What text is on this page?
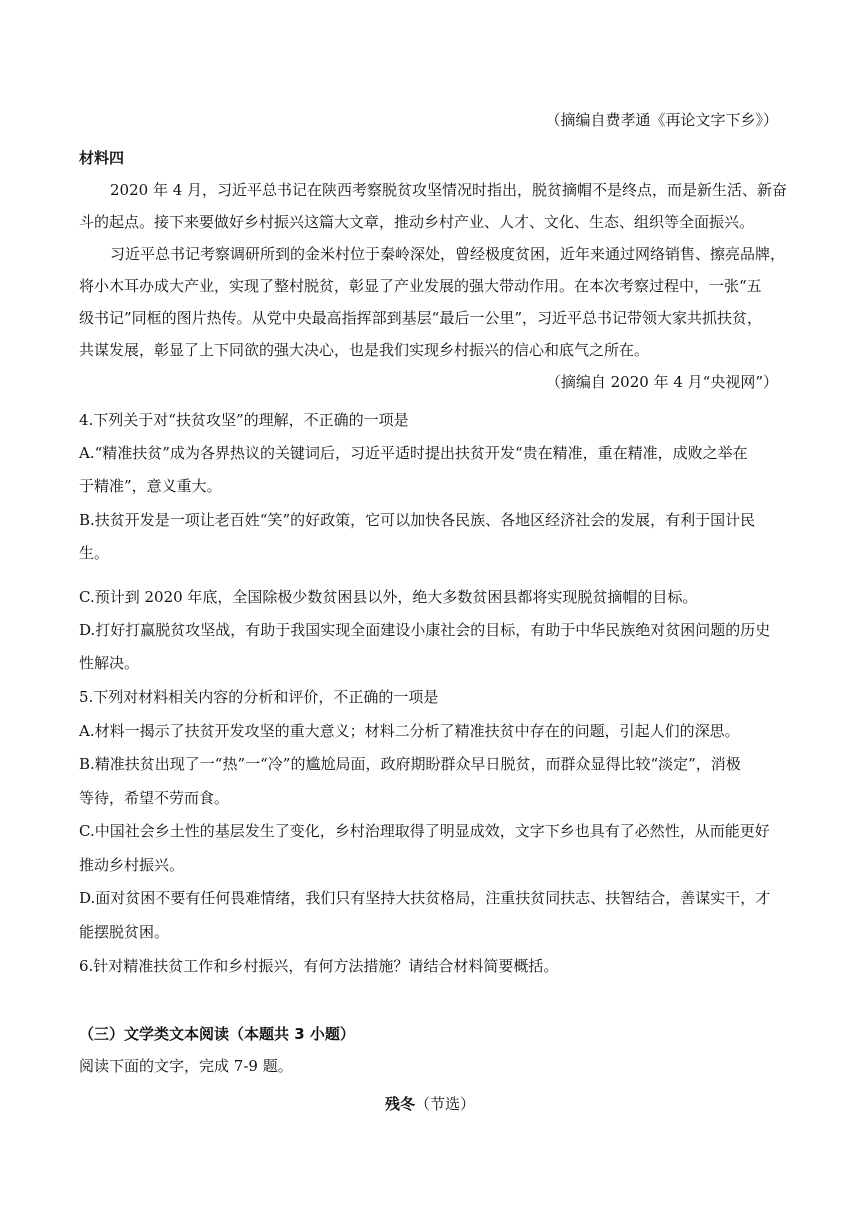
（摘编自费孝通《再论文字下乡》）
材料四
2020 年 4 月，习近平总书记在陕西考察脱贫攻坚情况时指出，脱贫摘帽不是终点，而是新生活、新奋
斗的起点。接下来要做好乡村振兴这篇大文章，推动乡村产业、人才、文化、生态、组织等全面振兴。
习近平总书记考察调研所到的金米村位于秦岭深处，曾经极度贫困，近年来通过网络销售、擦亮品牌，
将小木耳办成大产业，实现了整村脱贫，彰显了产业发展的强大带动作用。在本次考察过程中，一张“五
级书记”同框的图片热传。从党中央最高指挥部到基层“最后一公里”，习近平总书记带领大家共抓扶贫，
共谋发展，彰显了上下同欲的强大决心，也是我们实现乡村振兴的信心和底气之所在。
（摘编自 2020 年 4 月“央视网”）
4.下列关于对“扶贫攻坚”的理解，不正确的一项是
A.“精准扶贫”成为各界热议的关键词后，习近平适时提出扶贫开发“贵在精准，重在精准，成败之举在
于精准”，意义重大。
B.扶贫开发是一项让老百姓“笑”的好政策，它可以加快各民族、各地区经济社会的发展，有利于国计民
生。
C.预计到 2020 年底，全国除极少数贫困县以外，绝大多数贫困县都将实现脱贫摘帽的目标。
D.打好打赢脱贫攻坚战，有助于我国实现全面建设小康社会的目标，有助于中华民族绝对贫困问题的历史
性解决。
5.下列对材料相关内容的分析和评价，不正确的一项是
A.材料一揭示了扶贫开发攻坚的重大意义；材料二分析了精准扶贫中存在的问题，引起人们的深思。
B.精准扶贫出现了一“热”一“冷”的尴尬局面，政府期盼群众早日脱贫，而群众显得比较“淡定”，消极
等待，希望不劳而食。
C.中国社会乡土性的基层发生了变化，乡村治理取得了明显成效，文字下乡也具有了必然性，从而能更好
推动乡村振兴。
D.面对贫困不要有任何畏难情绪，我们只有坚持大扶贫格局，注重扶贫同扶志、扶智结合，善谋实干，才
能摆脱贫困。
6.针对精准扶贫工作和乡村振兴，有何方法措施？请结合材料简要概括。
（三）文学类文本阅读（本题共 3 小题）
阅读下面的文字，完成 7-9 题。
残冬（节选）
